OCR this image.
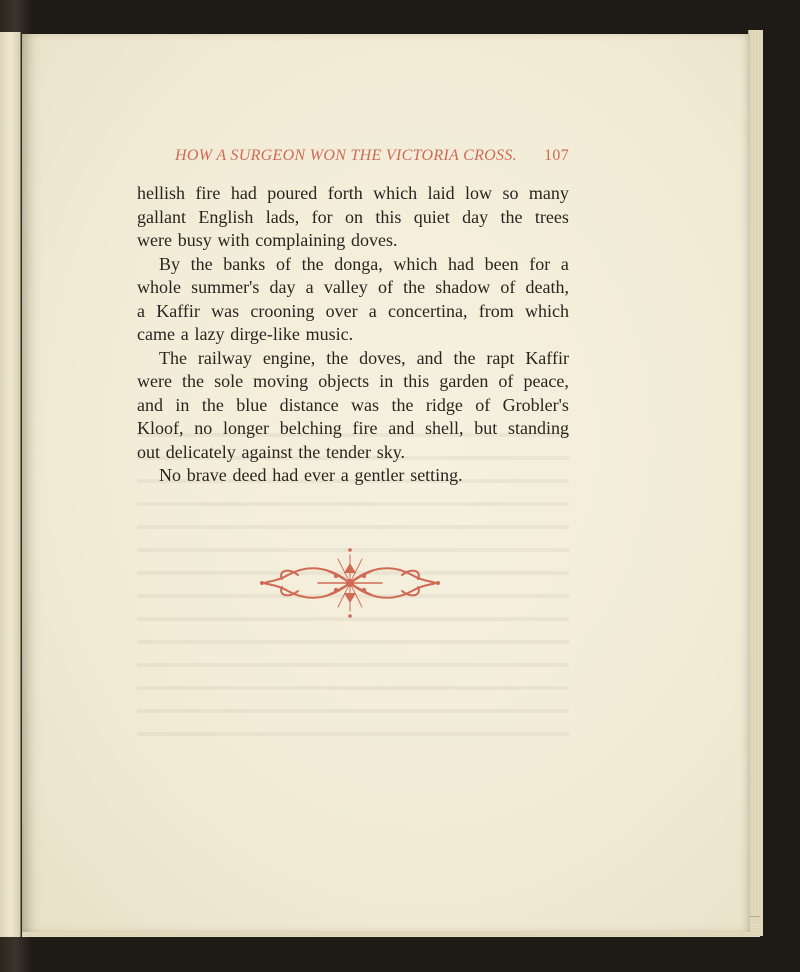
HOW A SURGEON WON THE VICTORIA CROSS. 107
hellish fire had poured forth which laid low so many
gallant English lads, for on this quiet day the trees
were busy with complaining doves.
By the banks of the donga, which had been for a
whole summer's day a valley of the shadow of death,
a Kaffir was crooning over a concertina, from which
came a lazy dirge-like music.
The railway engine, the doves, and the rapt Kaffir
were the sole moving objects in this garden of peace,
and in the blue distance was the ridge of Grobler's
Kloof, no longer belching fire and shell, but standing
out delicately against the tender sky.
No brave deed had ever a gentler setting.
